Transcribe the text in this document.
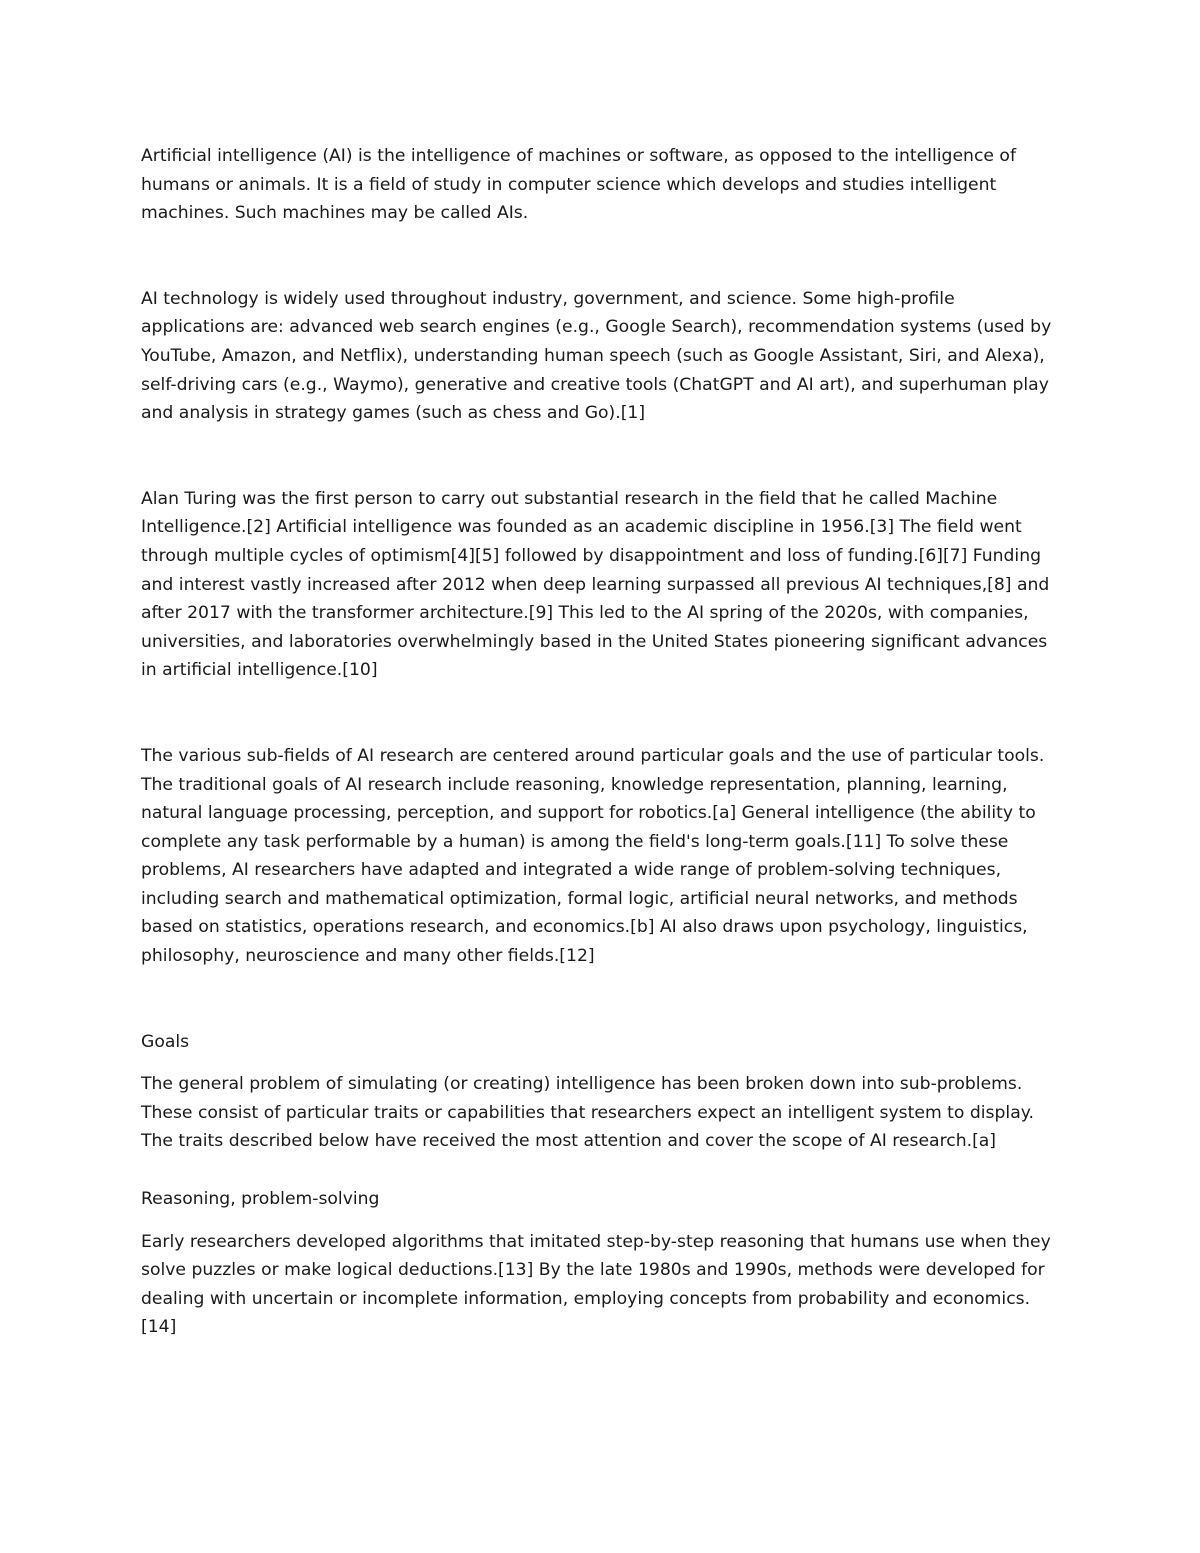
Artificial intelligence (AI) is the intelligence of machines or software, as opposed to the intelligence of humans or animals. It is a field of study in computer science which develops and studies intelligent machines. Such machines may be called AIs.

AI technology is widely used throughout industry, government, and science. Some high-profile applications are: advanced web search engines (e.g., Google Search), recommendation systems (used by YouTube, Amazon, and Netflix), understanding human speech (such as Google Assistant, Siri, and Alexa), self-driving cars (e.g., Waymo), generative and creative tools (ChatGPT and AI art), and superhuman play and analysis in strategy games (such as chess and Go).[1]

Alan Turing was the first person to carry out substantial research in the field that he called Machine Intelligence.[2] Artificial intelligence was founded as an academic discipline in 1956.[3] The field went through multiple cycles of optimism[4][5] followed by disappointment and loss of funding.[6][7] Funding and interest vastly increased after 2012 when deep learning surpassed all previous AI techniques,[8] and after 2017 with the transformer architecture.[9] This led to the AI spring of the 2020s, with companies, universities, and laboratories overwhelmingly based in the United States pioneering significant advances in artificial intelligence.[10]

The various sub-fields of AI research are centered around particular goals and the use of particular tools. The traditional goals of AI research include reasoning, knowledge representation, planning, learning, natural language processing, perception, and support for robotics.[a] General intelligence (the ability to complete any task performable by a human) is among the field's long-term goals.[11] To solve these problems, AI researchers have adapted and integrated a wide range of problem-solving techniques, including search and mathematical optimization, formal logic, artificial neural networks, and methods based on statistics, operations research, and economics.[b] AI also draws upon psychology, linguistics, philosophy, neuroscience and many other fields.[12]

Goals

The general problem of simulating (or creating) intelligence has been broken down into sub-problems. These consist of particular traits or capabilities that researchers expect an intelligent system to display. The traits described below have received the most attention and cover the scope of AI research.[a]

Reasoning, problem-solving

Early researchers developed algorithms that imitated step-by-step reasoning that humans use when they solve puzzles or make logical deductions.[13] By the late 1980s and 1990s, methods were developed for dealing with uncertain or incomplete information, employing concepts from probability and economics.[14]
